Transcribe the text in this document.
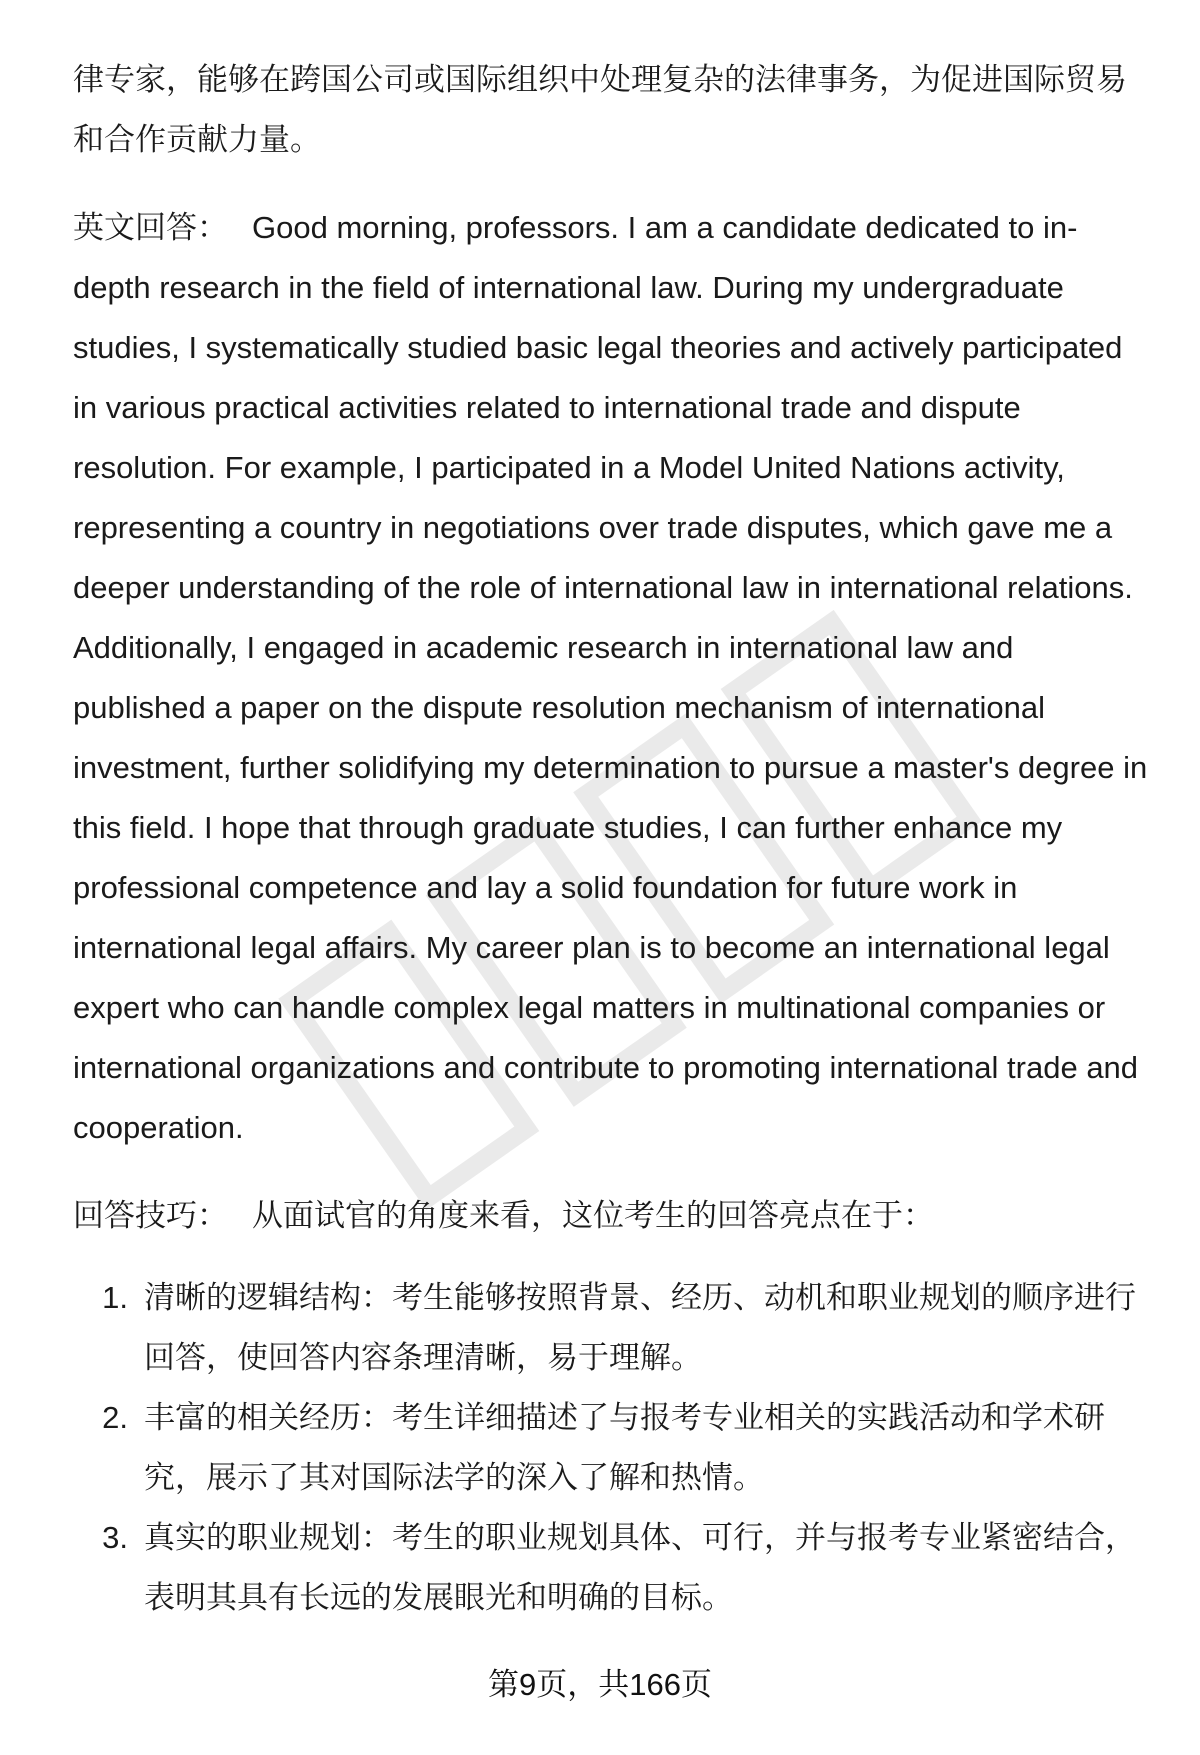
律专家，能够在跨国公司或国际组织中处理复杂的法律事务，为促进国际贸易和合作贡献力量。

英文回答： Good morning, professors. I am a candidate dedicated to in-depth research in the field of international law. During my undergraduate studies, I systematically studied basic legal theories and actively participated in various practical activities related to international trade and dispute resolution. For example, I participated in a Model United Nations activity, representing a country in negotiations over trade disputes, which gave me a deeper understanding of the role of international law in international relations. Additionally, I engaged in academic research in international law and published a paper on the dispute resolution mechanism of international investment, further solidifying my determination to pursue a master's degree in this field. I hope that through graduate studies, I can further enhance my professional competence and lay a solid foundation for future work in international legal affairs. My career plan is to become an international legal expert who can handle complex legal matters in multinational companies or international organizations and contribute to promoting international trade and cooperation.

回答技巧： 从面试官的角度来看，这位考生的回答亮点在于：

1 . 清晰的逻辑结构：考生能够按照背景、经历、动机和职业规划的顺序进行回答，使回答内容条理清晰，易于理解。
2 . 丰富的相关经历：考生详细描述了与报考专业相关的实践活动和学术研究，展示了其对国际法学的深入了解和热情。
3 . 真实的职业规划：考生的职业规划具体、可行，并与报考专业紧密结合，表明其具有长远的发展眼光和明确的目标。
第9页，共166页
